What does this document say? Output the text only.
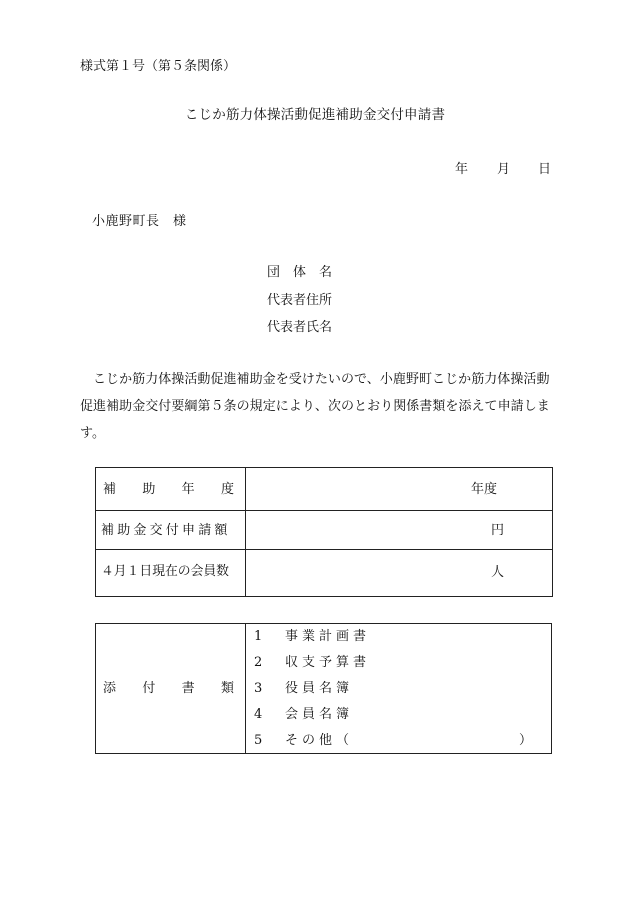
様式第１号（第５条関係）
こじか筋力体操活動促進補助金交付申請書
年 月 日
小鹿野町長　様
団　体　名
代表者住所
代表者氏名
こじか筋力体操活動促進補助金を受けたいので、小鹿野町こじか筋力体操活動促進補助金交付要綱第５条の規定により、次のとおり関係書類を添えて申請します。
補 助 年 度	年度
補助金交付申請額	円
４月１日現在の会員数	人
添 付 書 類
1 事業計画書
2 収支予算書
3 役員名簿
4 会員名簿
5 その他（	）
